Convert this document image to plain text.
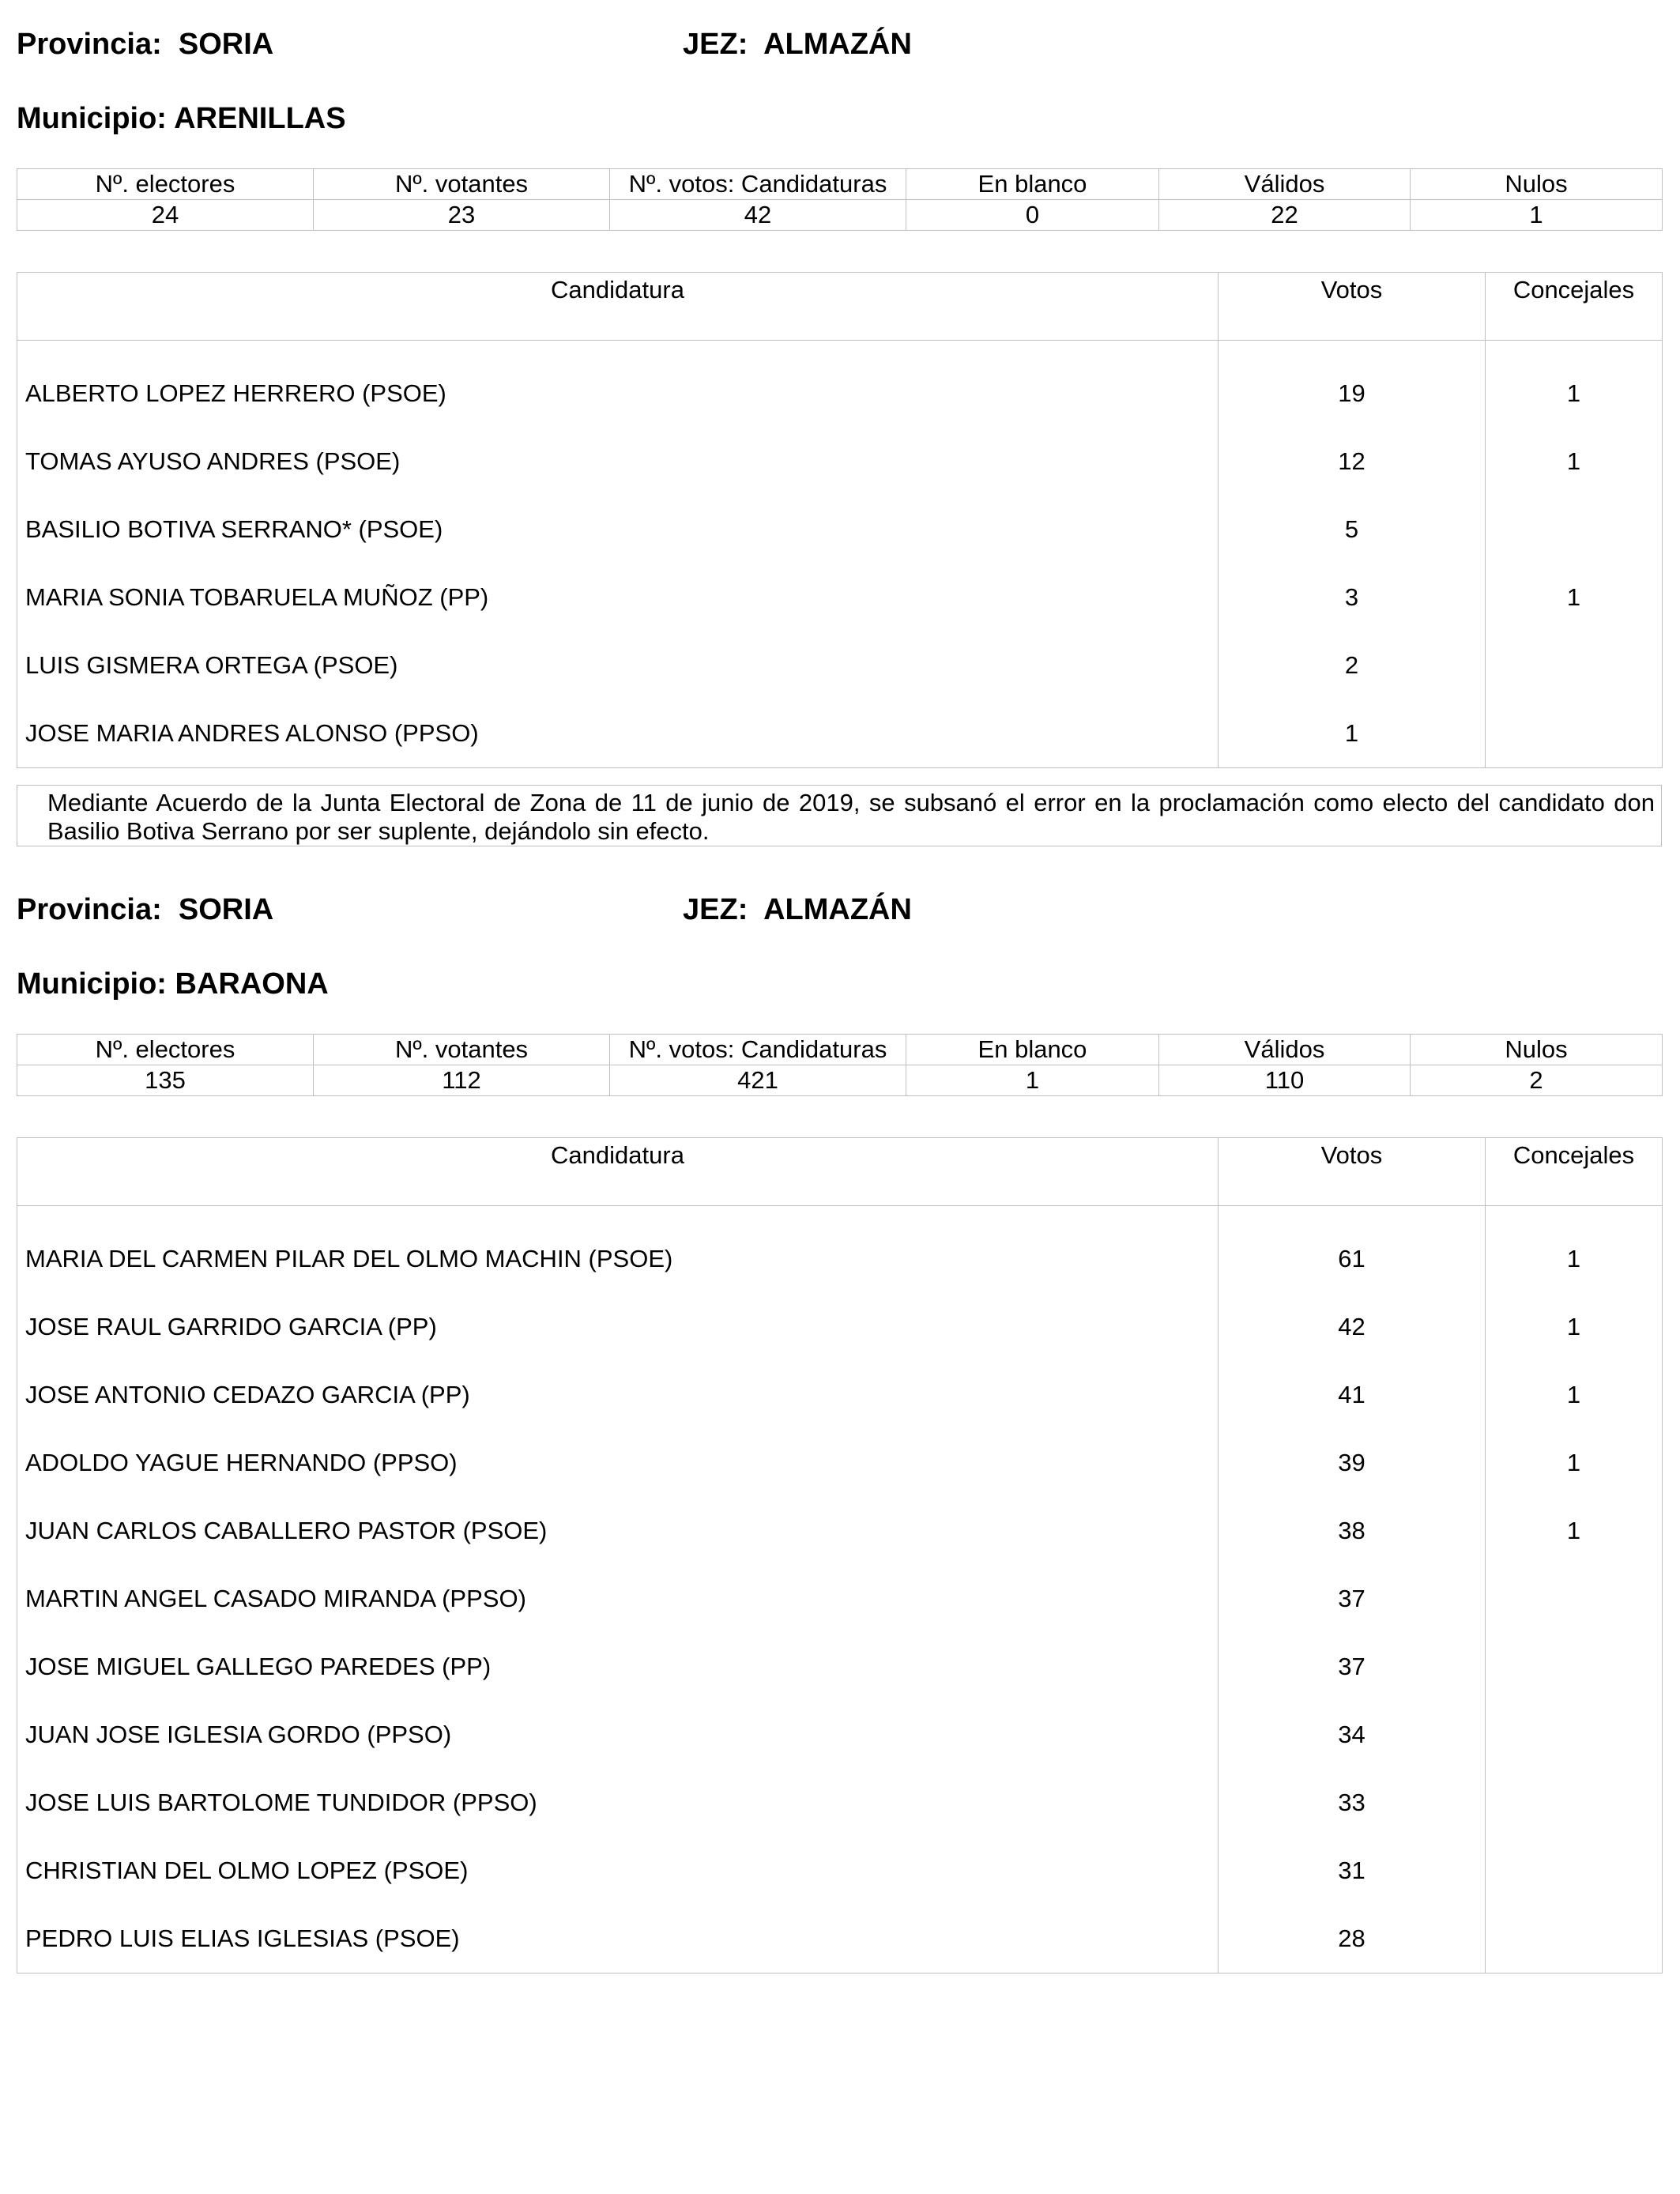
Provincia: SORIA	JEZ: ALMAZÁN
Municipio: ARENILLAS
Nº. electores	Nº. votantes	Nº. votos: Candidaturas	En blanco	Válidos	Nulos
24	23	42	0	22	1
Candidatura	Votos	Concejales
ALBERTO LOPEZ HERRERO (PSOE)	19	1
TOMAS AYUSO ANDRES (PSOE)	12	1
BASILIO BOTIVA SERRANO* (PSOE)	5	
MARIA SONIA TOBARUELA MUÑOZ (PP)	3	1
LUIS GISMERA ORTEGA (PSOE)	2	
JOSE MARIA ANDRES ALONSO (PPSO)	1	

Mediante Acuerdo de la Junta Electoral de Zona de 11 de junio de 2019, se subsanó el error en la proclamación como electo del candidato don Basilio Botiva Serrano por ser suplente, dejándolo sin efecto.

Provincia: SORIA	JEZ: ALMAZÁN
Municipio: BARAONA
Nº. electores	Nº. votantes	Nº. votos: Candidaturas	En blanco	Válidos	Nulos
135	112	421	1	110	2
Candidatura	Votos	Concejales
MARIA DEL CARMEN PILAR DEL OLMO MACHIN (PSOE)	61	1
JOSE RAUL GARRIDO GARCIA (PP)	42	1
JOSE ANTONIO CEDAZO GARCIA (PP)	41	1
ADOLDO YAGUE HERNANDO (PPSO)	39	1
JUAN CARLOS CABALLERO PASTOR (PSOE)	38	1
MARTIN ANGEL CASADO MIRANDA (PPSO)	37	
JOSE MIGUEL GALLEGO PAREDES (PP)	37	
JUAN JOSE IGLESIA GORDO (PPSO)	34	
JOSE LUIS BARTOLOME TUNDIDOR (PPSO)	33	
CHRISTIAN DEL OLMO LOPEZ (PSOE)	31	
PEDRO LUIS ELIAS IGLESIAS (PSOE)	28	
